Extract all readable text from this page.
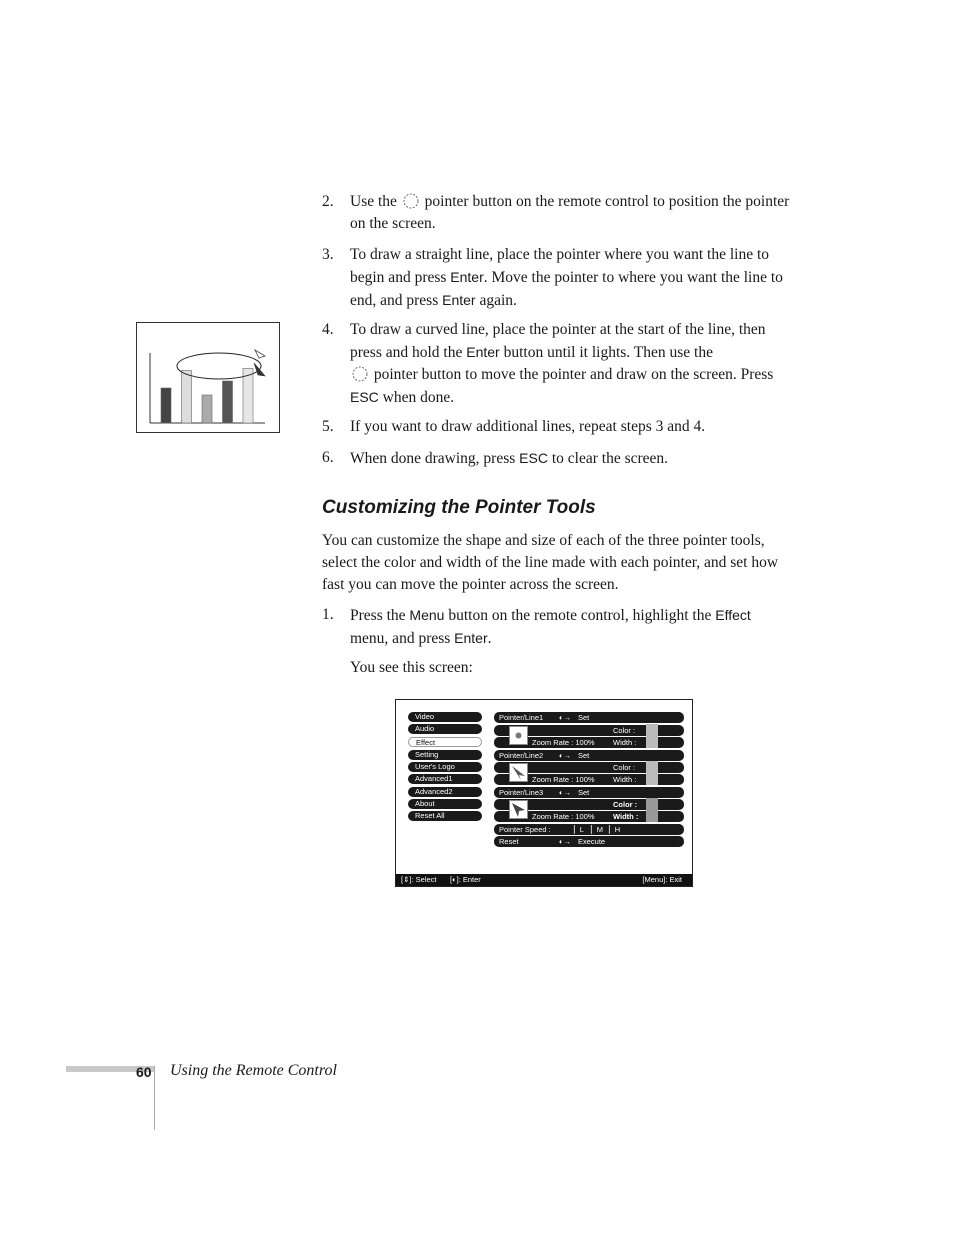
2. Use the pointer button on the remote control to position the pointer on the screen.
3. To draw a straight line, place the pointer where you want the line to begin and press Enter. Move the pointer to where you want the line to end, and press Enter again.
4. To draw a curved line, place the pointer at the start of the line, then press and hold the Enter button until it lights. Then use the
pointer button to move the pointer and draw on the screen. Press ESC when done.
5. If you want to draw additional lines, repeat steps 3 and 4.
6. When done drawing, press ESC to clear the screen.
Customizing the Pointer Tools
You can customize the shape and size of each of the three pointer tools, select the color and width of the line made with each pointer, and set how fast you can move the pointer across the screen.
1. Press the Menu button on the remote control, highlight the Effect menu, and press Enter.
You see this screen:
Video
Audio
Effect
Setting
User's Logo
Advanced1
Advanced2
About
Reset All
Pointer/Line1 ◐→ Set
Color :
Zoom Rate : 100% Width :
Pointer/Line2 ◐→ Set
Color :
Zoom Rate : 100% Width :
Pointer/Line3 ◐→ Set
Color :
Zoom Rate : 100% Width :
Pointer Speed :	▏L ▏M ▏H
Reset	◐→ Execute
[⇕]: Select [◐]: Enter	[Menu]: Exit
60 Using the Remote Control
